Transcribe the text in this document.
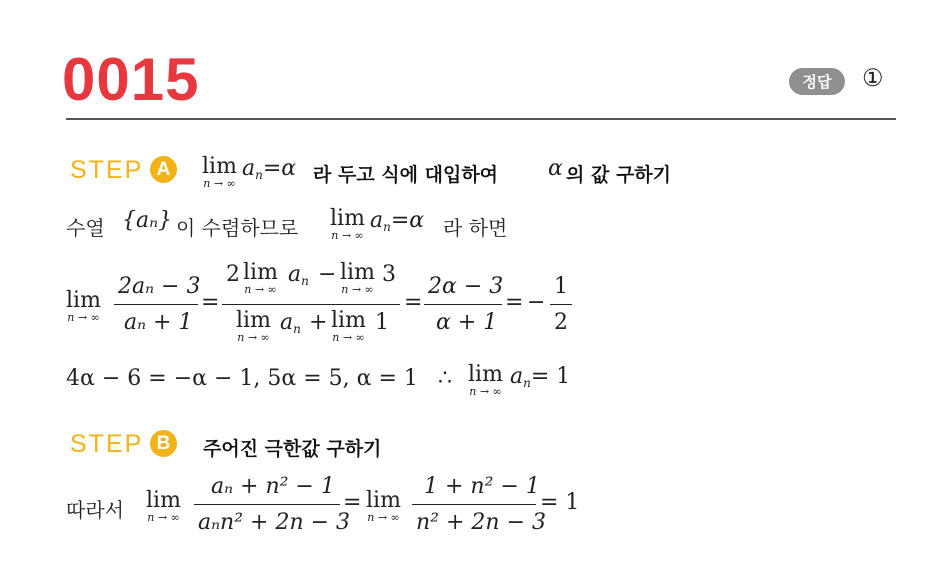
0015	정답	①
STEP A	lim
n → ∞
an=α 라 두고 식에 대입하여 α 의 값 구하기
수열 {aₙ} 이 수렴하므로 lim
n → ∞
an=α 라 하면
lim
n → ∞
2aₙ − 3
aₙ + 1
=
2 lim
n → ∞
an − lim
n → ∞
3
lim
n → ∞
an + lim
n → ∞
1
=
2α − 3
α + 1
= −
1
2
4α − 6 = −α − 1, 5α = 5, α = 1 ∴ lim
n → ∞
an= 1
STEP B	주어진 극한값 구하기
따라서 lim
n → ∞
aₙ + n² − 1
aₙn² + 2n − 3
= lim
n → ∞
1 + n² − 1
n² + 2n − 3
= 1
